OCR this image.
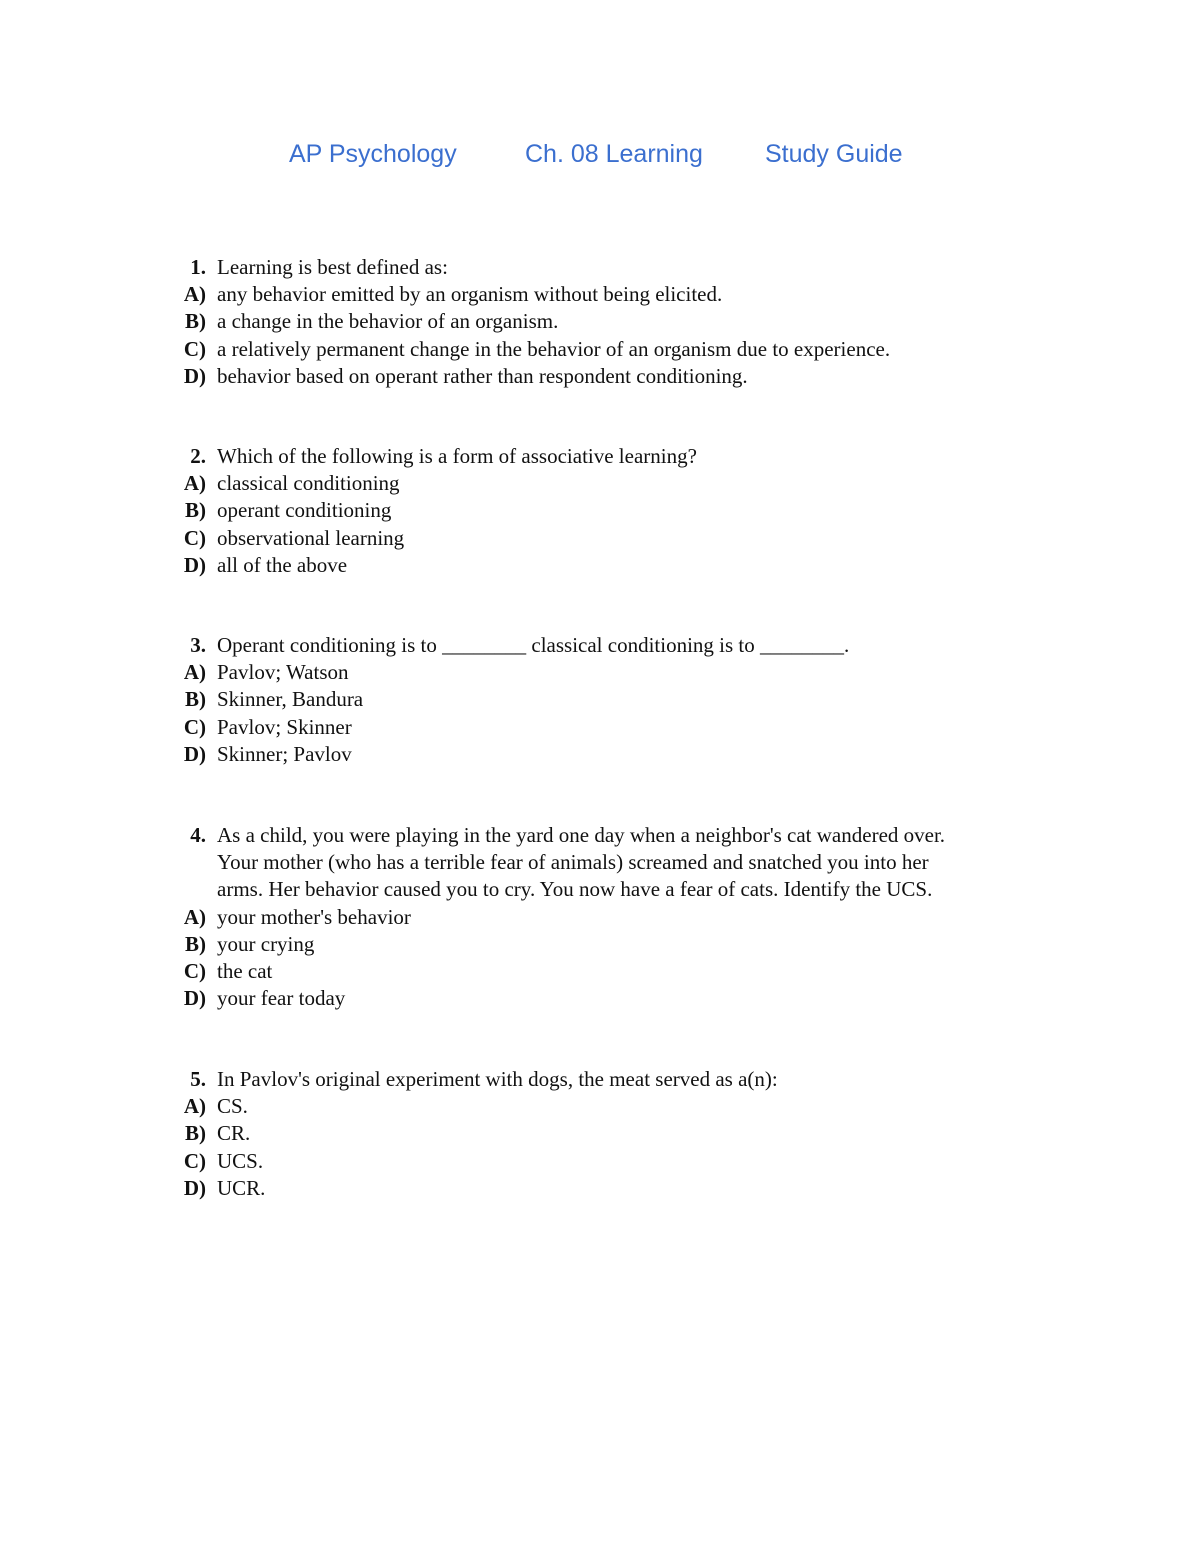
AP Psychology	Ch. 08 Learning Study Guide
1. Learning is best defined as:
A) any behavior emitted by an organism without being elicited.
B) a change in the behavior of an organism.
C) a relatively permanent change in the behavior of an organism due to experience.
D) behavior based on operant rather than respondent conditioning.
2. Which of the following is a form of associative learning?
A) classical conditioning
B) operant conditioning
C) observational learning
D) all of the above
3. Operant conditioning is to ________ classical conditioning is to ________.
A) Pavlov; Watson
B) Skinner, Bandura
C) Pavlov; Skinner
D) Skinner; Pavlov
4. As a child, you were playing in the yard one day when a neighbor's cat wandered over.
Your mother (who has a terrible fear of animals) screamed and snatched you into her
arms. Her behavior caused you to cry. You now have a fear of cats. Identify the UCS.
A) your mother's behavior
B) your crying
C) the cat
D) your fear today
5. In Pavlov's original experiment with dogs, the meat served as a(n):
A) CS.
B) CR.
C) UCS.
D) UCR.
